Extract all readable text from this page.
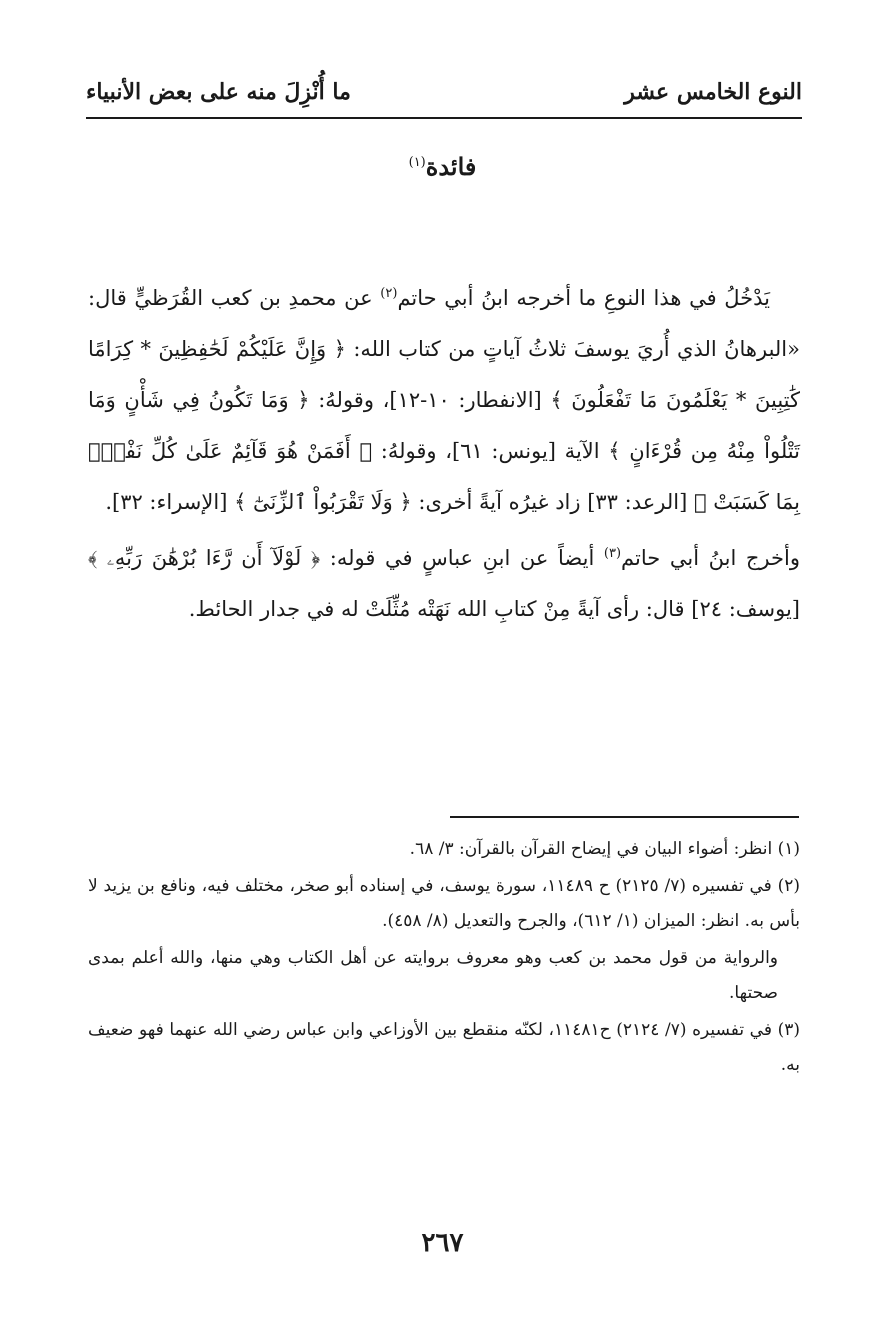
النوع الخامس عشر
ما أُنْزِلَ منه على بعض الأنبياء
فائدة$^{(١)}$

يَدْخُلُ في هذا النوعِ ما أخرجه ابنُ أبي حاتم$^{(٢)}$ عن محمدِ بن كعب القُرَظيٍّ قال: «البرهانُ الذي أُريَ يوسفَ ثلاثُ آياتٍ من كتاب الله: ﴿ وَإِنَّ عَلَيْكُمْ لَحَٰفِظِينَ * كِرَامًا كَٰتِبِينَ * يَعْلَمُونَ مَا تَفْعَلُونَ ﴾ [الانفطار: ١٠-١٢]، وقولهُ: ﴿ وَمَا تَكُونُ فِي شَأْنٍ وَمَا تَتْلُواْ مِنْهُ مِن قُرْءَانٍ ﴾ الآية [يونس: ٦١]، وقولهُ: ﴿ أَفَمَنْ هُوَ قَآئِمٌ عَلَىٰ كُلِّ نَفْسٍۭ بِمَا كَسَبَتْ ﴾ [الرعد: ٣٣] زاد غيرُه آيةً أخرى: ﴿ وَلَا تَقْرَبُواْ ٱلزِّنَىٰٓ ﴾ [الإسراء: ٣٢].

وأخرج ابنُ أبي حاتم$^{(٣)}$ أيضاً عن ابنِ عباسٍ في قوله: ﴿ لَوْلَآ أَن رَّءَا بُرْهَٰنَ رَبِّهِۦ ﴾ [يوسف: ٢٤] قال: رأى آيةً مِنْ كتابِ الله نَهَتْه مُثِّلَتْ له في جدار الحائط.

(١) انظر: أضواء البيان في إيضاح القرآن بالقرآن: ٣/ ٦٨.

(٢) في تفسيره (٧/ ٢١٢٥) ح ١١٤٨٩، سورة يوسف، في إسناده أبو صخر، مختلف فيه، ونافع بن يزيد لا بأس به. انظر: الميزان (١/ ٦١٢)، والجرح والتعديل (٨/ ٤٥٨).

والرواية من قول محمد بن كعب وهو معروف بروايته عن أهل الكتاب وهي منها، والله أعلم بمدى صحتها.

(٣) في تفسيره (٧/ ٢١٢٤) ح١١٤٨١، لكنّه منقطع بين الأوزاعي وابن عباس رضي الله عنهما فهو ضعيف به.

٢٦٧
